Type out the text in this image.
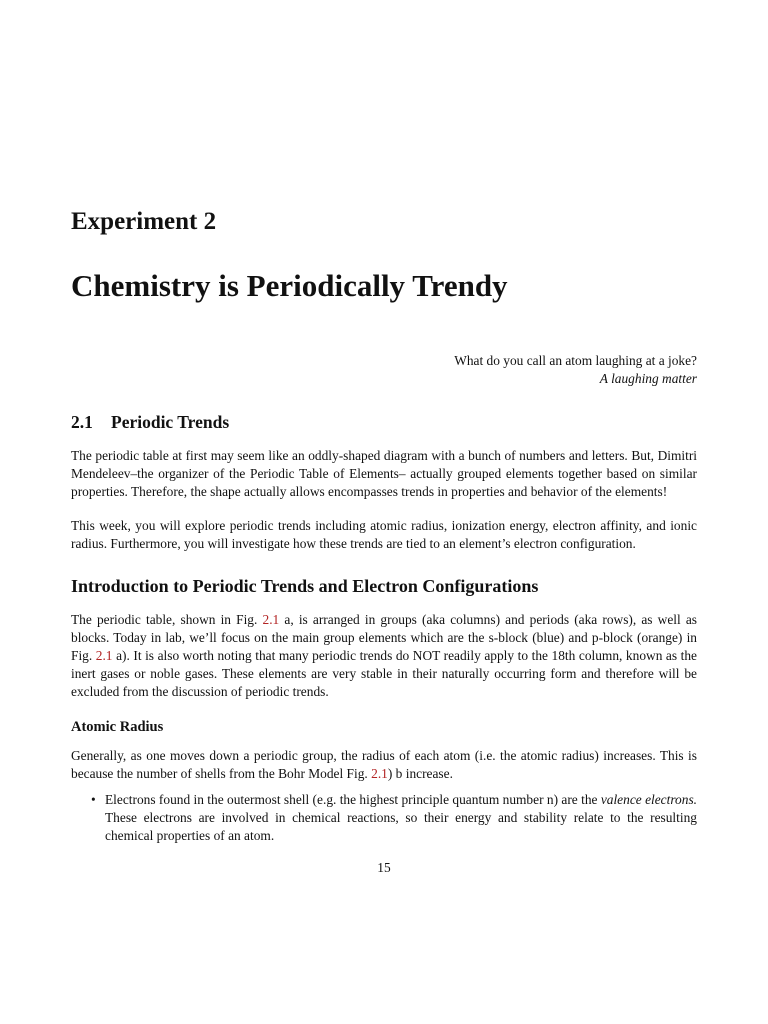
Experiment 2
Chemistry is Periodically Trendy
What do you call an atom laughing at a joke?
A laughing matter
2.1 Periodic Trends

The periodic table at first may seem like an oddly-shaped diagram with a bunch of numbers and letters. But, Dimitri Mendeleev–the organizer of the Periodic Table of Elements– actually grouped elements together based on similar properties. Therefore, the shape actually allows encompasses trends in properties and behavior of the elements!

This week, you will explore periodic trends including atomic radius, ionization energy, electron affinity, and ionic radius. Furthermore, you will investigate how these trends are tied to an element’s electron configuration.

Introduction to Periodic Trends and Electron Configurations

The periodic table, shown in Fig. 2.1 a, is arranged in groups (aka columns) and periods (aka rows), as well as blocks. Today in lab, we’ll focus on the main group elements which are the s-block (blue) and p-block (orange) in Fig. 2.1 a). It is also worth noting that many periodic trends do NOT readily apply to the 18th column, known as the inert gases or noble gases. These elements are very stable in their naturally occurring form and therefore will be excluded from the discussion of periodic trends.

Atomic Radius

Generally, as one moves down a periodic group, the radius of each atom (i.e. the atomic radius) increases. This is because the number of shells from the Bohr Model Fig. 2.1) b increase.

• Electrons found in the outermost shell (e.g. the highest principle quantum number n) are the valence electrons. These electrons are involved in chemical reactions, so their energy and stability relate to the resulting chemical properties of an atom.
15
